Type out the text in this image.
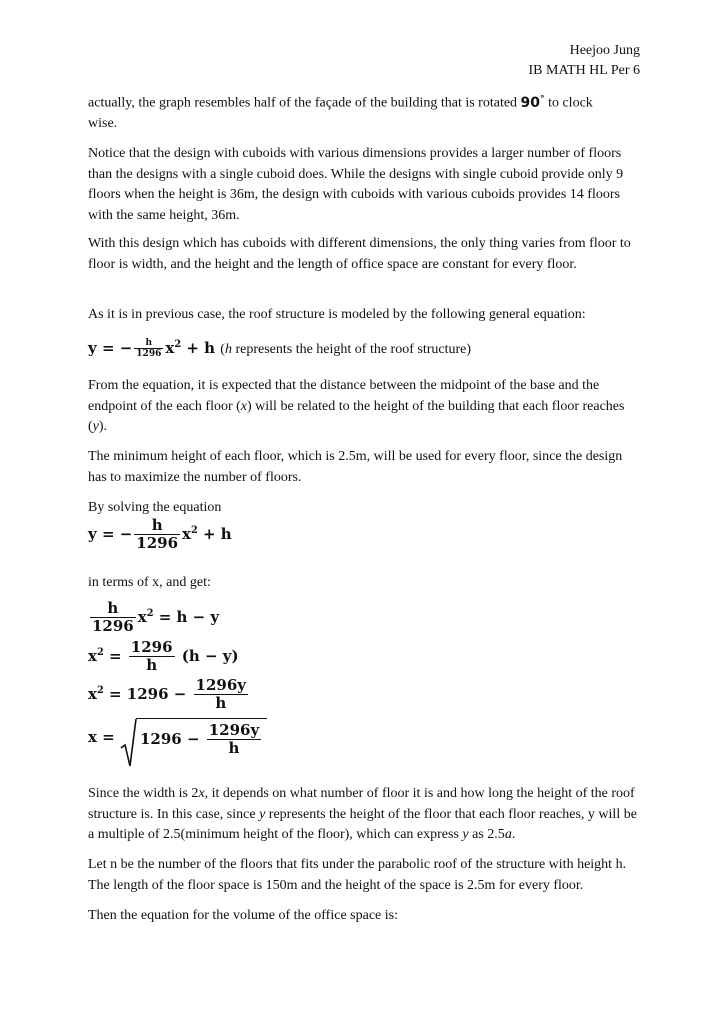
Heejoo Jung
IB MATH HL Per 6

actually, the graph resembles half of the façade of the building that is rotated 90° to clock
wise.

Notice that the design with cuboids with various dimensions provides a larger number of floors than the designs with a single cuboid does. While the designs with single cuboid provide only 9 floors when the height is 36m, the design with cuboids with various cuboids provides 14 floors with the same height, 36m.

With this design which has cuboids with different dimensions, the only thing varies from floor to floor is width, and the height and the length of office space are constant for every floor.

As it is in previous case, the roof structure is modeled by the following general equation:

y = − $\frac{h}{1296} x^2 + h$ (h represents the height of the roof structure)

From the equation, it is expected that the distance between the midpoint of the base and the endpoint of the each floor (x) will be related to the height of the building that each floor reaches (y).

The minimum height of each floor, which is 2.5m, will be used for every floor, since the design has to maximize the number of floors.

By solving the equation

y = − $\frac{h}{1296} x^2 + h$

in terms of x, and get:

$\frac{h}{1296} x^2 = h - y$
$x^2 = \frac{1296}{h} (h - y)$
$x^2 = 1296 - \frac{1296y}{h}$
x =
$1296 - \frac{1296y}{h}$

Since the width is 2x, it depends on what number of floor it is and how long the height of the roof structure is. In this case, since y represents the height of the floor that each floor reaches, y will be a multiple of 2.5(minimum height of the floor), which can express y as 2.5a.

Let n be the number of the floors that fits under the parabolic roof of the structure with height h. The length of the floor space is 150m and the height of the space is 2.5m for every floor.

Then the equation for the volume of the office space is:
